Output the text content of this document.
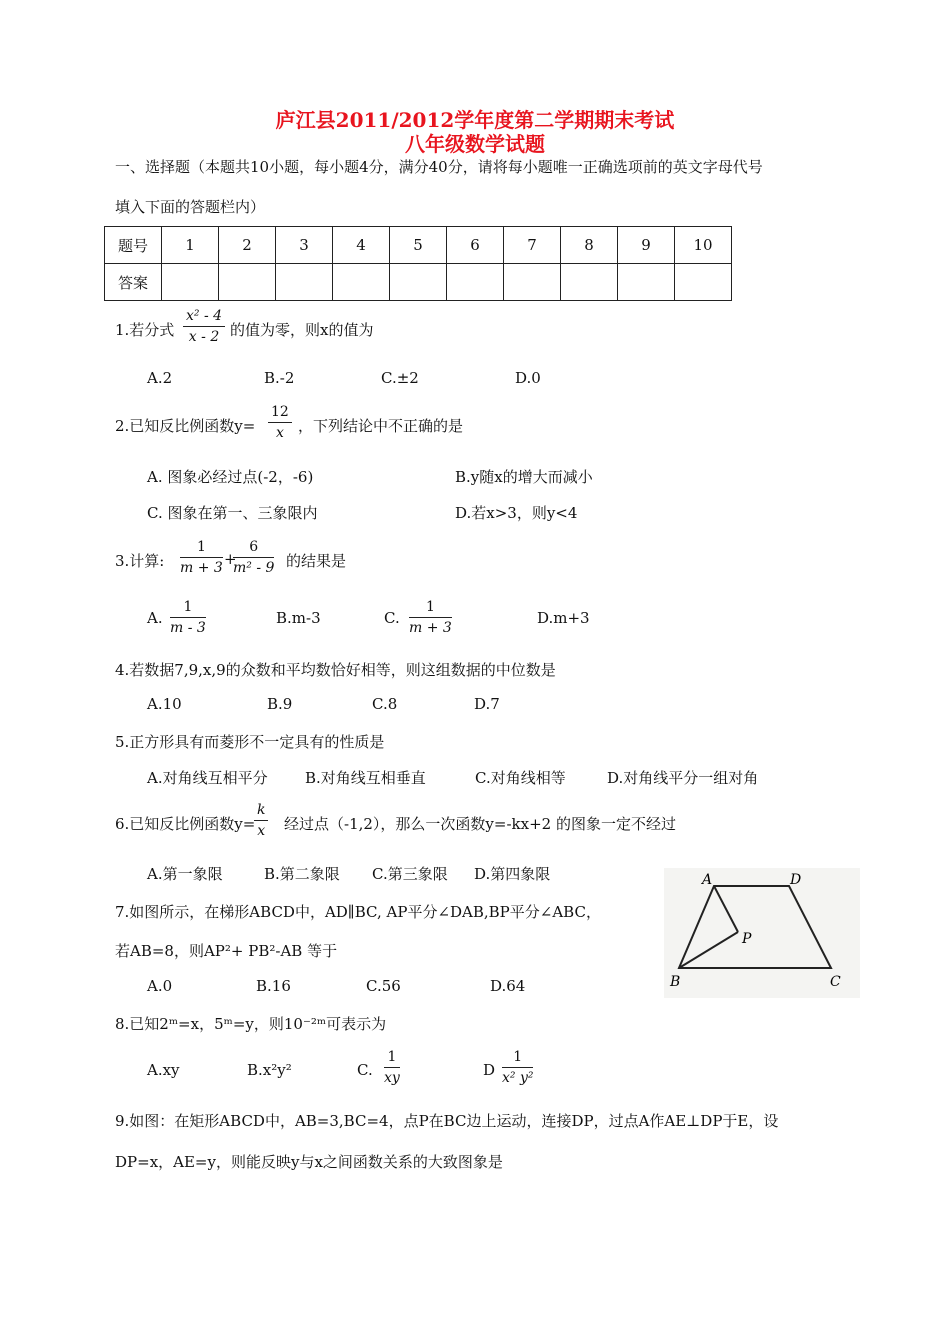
庐江县2011/2012学年度第二学期期末考试
八年级数学试题
一、选择题（本题共10小题，每小题4分，满分40分，请将每小题唯一正确选项前的英文字母代号
填入下面的答题栏内）
题号	1	2	3	4	5	6	7	8	9	10
答案										
1.若分式 $\frac{\text{x² - 4}}{x - 2}$ 的值为零，则x的值为
A.2	B.-2	C.±2	D.0
2.已知反比例函数$y= \frac{12}{x}$ ，下列结论中不正确的是
A. 图象必经过点(-2，-6)	B.y随x的增大而减小
C. 图象在第一、三象限内	D.若x>3，则y<4
3.计算: $\frac{1}{m + 3}$ +
$\frac{6}{\text{m² - 9}}$ 的结果是
A. $\frac{1}{m - 3}$	B.m-3	C. $\frac{1}{m + 3}$	D.m+3
4.若数据7,9,x,9的众数和平均数恰好相等，则这组数据的中位数是
A.10	B.9	C.8	D.7
5.正方形具有而菱形不一定具有的性质是
A.对角线互相平分 B.对角线互相垂直	C.对角线相等	D.对角线平分一组对角
6.已知反比例函数y=
$\frac{k}{x}$ 经过点（-1,2），那么一次函数y=-kx+2 的图象一定不经过
A.第一象限	B.第二象限 C.第三象限 D.第四象限
7.如图所示，在梯形ABCD中，AD∥BC, AP平分∠DAB,BP平分∠ABC，
若AB=8，则AP²+ PB²-AB 等于
A.0	B.16	C.56	D.64
A	D
P
B	C
8.已知2ᵐ=x，5ᵐ=y，则10⁻²ᵐ可表示为
A.xy	B.x²y²	C. $\frac{1}{xy}$	D $\frac{1}{\text{x² y²}}$
9.如图：在矩形ABCD中，AB=3,BC=4，点P在BC边上运动，连接DP，过点A作AE⊥DP于E，设
DP=x，AE=y，则能反映y与x之间函数关系的大致图象是
